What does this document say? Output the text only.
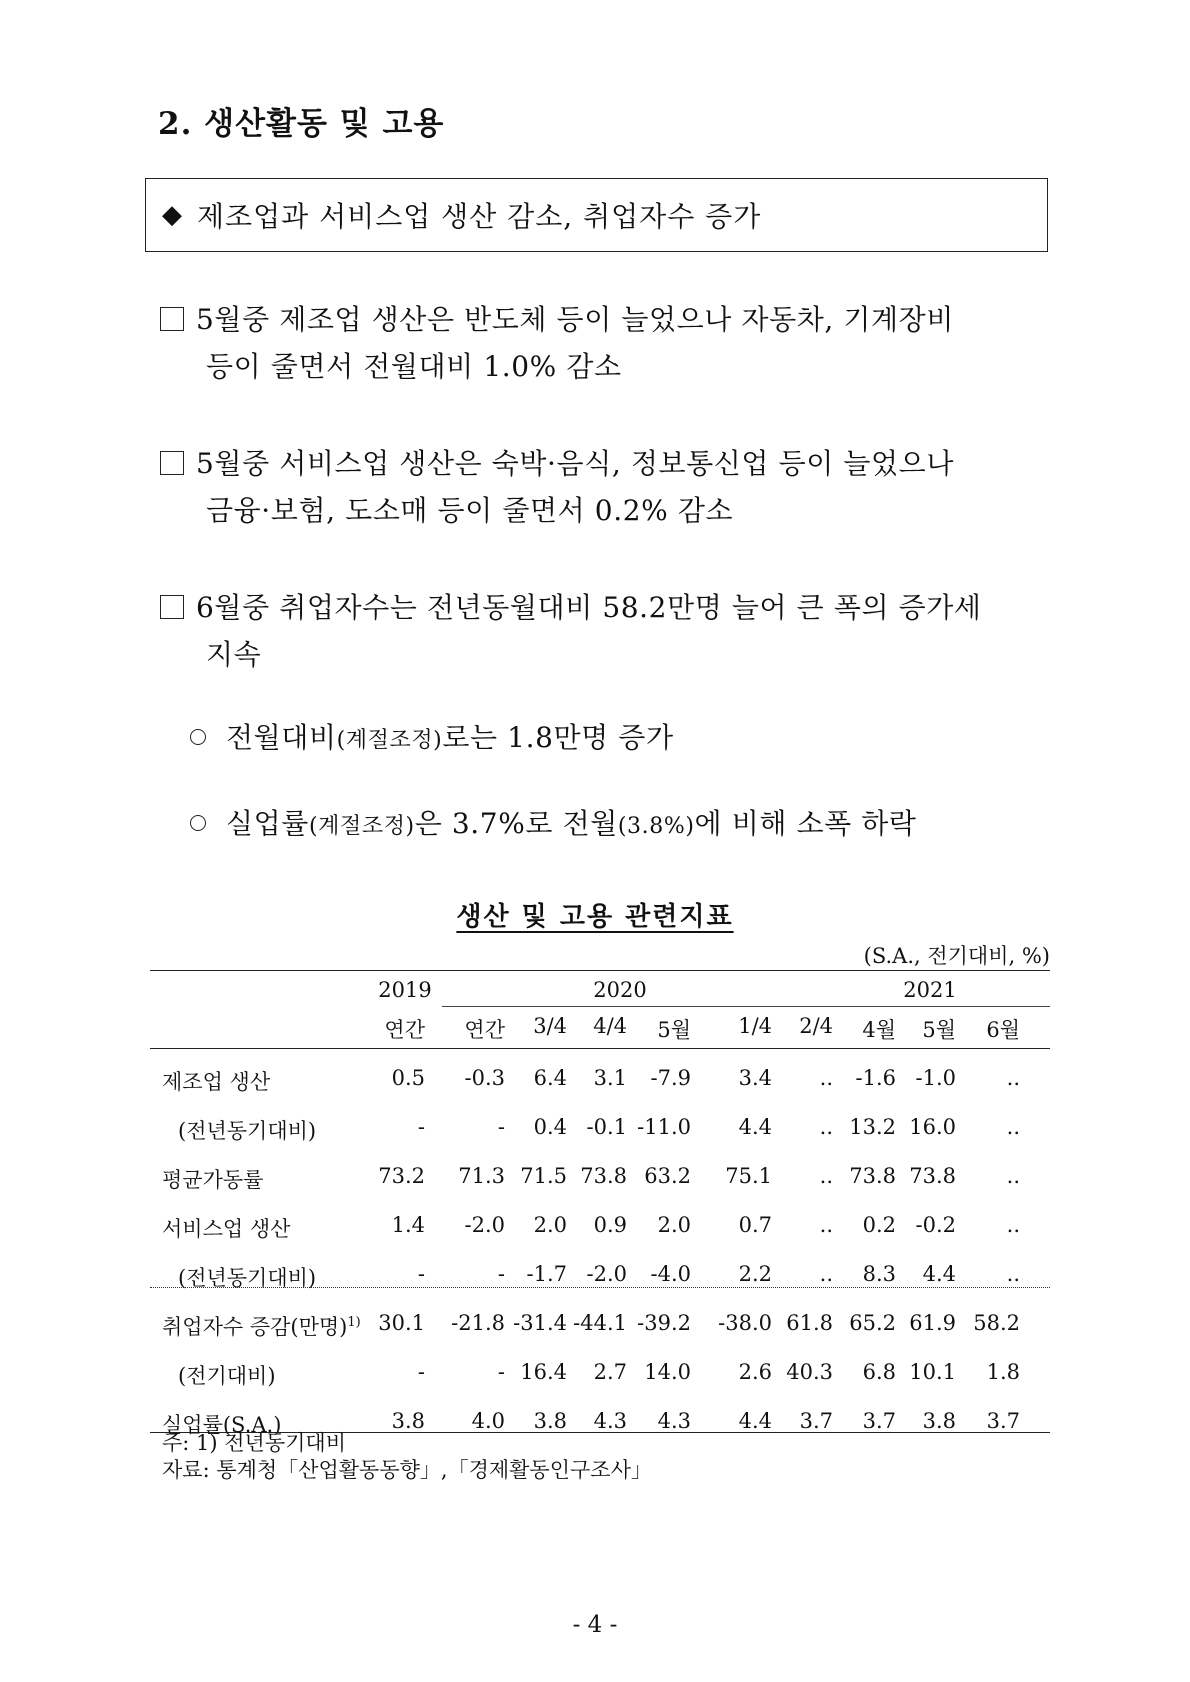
2. 생산활동 및 고용
◆ 제조업과 서비스업 생산 감소, 취업자수 증가
5월중 제조업 생산은 반도체 등이 늘었으나 자동차, 기계장비
등이 줄면서 전월대비 1.0% 감소
5월중 서비스업 생산은 숙박·음식, 정보통신업 등이 늘었으나
금융·보험, 도소매 등이 줄면서 0.2% 감소
6월중 취업자수는 전년동월대비 58.2만명 늘어 큰 폭의 증가세
지속
전월대비(계절조정)로는 1.8만명 증가
실업률(계절조정)은 3.7%로 전월(3.8%)에 비해 소폭 하락
생산 및 고용 관련지표
(S.A., 전기대비, %)
2019	2020	2021
연간	연간	3/4	4/4	5월	1/4	2/4	4월	5월	6월
제조업 생산	0.5	-0.3	6.4	3.1	-7.9	3.4	..	-1.6 -1.0	..
(전년동기대비)	-	-	0.4 -0.1 -11.0	4.4	.. 13.2 16.0	..
평균가동률	73.2	71.3 71.5 73.8 63.2	75.1	.. 73.8 73.8	..
서비스업 생산	1.4	-2.0	2.0	0.9	2.0	0.7	..	0.2 -0.2	..
(전년동기대비)	-	-	-1.7 -2.0	-4.0	2.2	..	8.3	4.4	..
취업자수 증감(만명)$^{1)}$ 30.1	-21.8 -31.4 -44.1 -39.2	-38.0 61.8 65.2 61.9 58.2
(전기대비)	-	- 16.4	2.7 14.0	2.6 40.3	6.8 10.1	1.8
실업률(S.A.)	3.8	4.0	3.8	4.3	4.3	4.4	3.7	3.7	3.8	3.7
주: 1) 전년동기대비
자료: 통계청「산업활동동향」,「경제활동인구조사」
- 4 -
